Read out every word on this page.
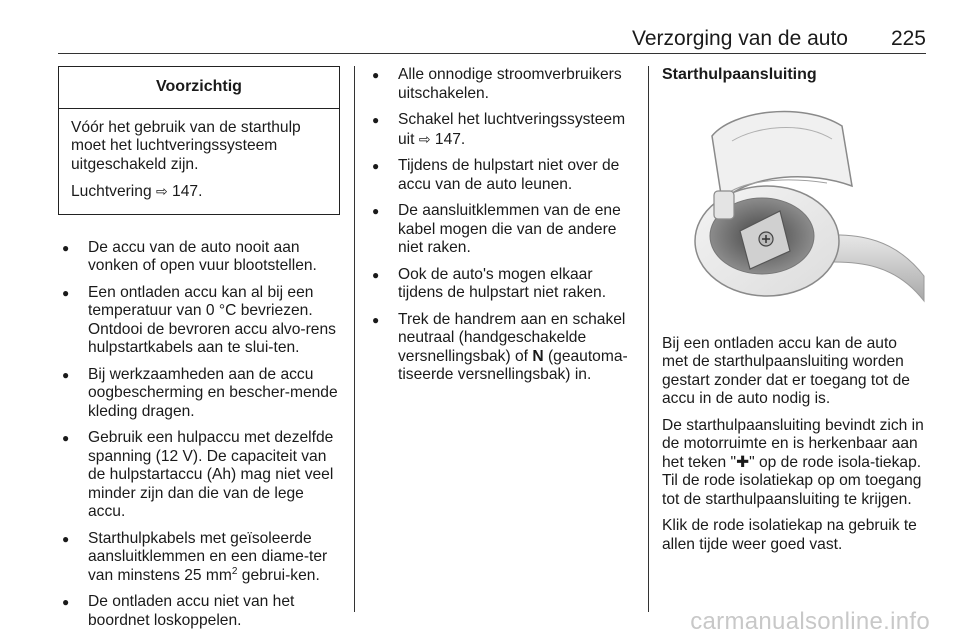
Verzorging van de auto 225
Voorzichtig

Vóór het gebruik van de starthulp moet het luchtveringssysteem uitgeschakeld zijn.

Luchtvering ⇨ 147.

● De accu van de auto nooit aan vonken of open vuur blootstellen.
● Een ontladen accu kan al bij een temperatuur van 0 °C bevriezen. Ontdooi de bevroren accu alvo-rens hulpstartkabels aan te slui-ten.
● Bij werkzaamheden aan de accu oogbescherming en bescher-mende kleding dragen.
● Gebruik een hulpaccu met dezelfde spanning (12 V). De capaciteit van de hulpstartaccu (Ah) mag niet veel minder zijn dan die van de lege accu.
● Starthulpkabels met geïsoleerde aansluitklemmen en een diame-ter van minstens 25 $mm^2$ gebrui-ken.
● De ontladen accu niet van het boordnet loskoppelen.
● Alle onnodige stroomverbruikers uitschakelen.
● Schakel het luchtveringssysteem uit ⇨ 147.
● Tijdens de hulpstart niet over de accu van de auto leunen.
● De aansluitklemmen van de ene kabel mogen die van de andere niet raken.
● Ook de auto's mogen elkaar tijdens de hulpstart niet raken.
● Trek de handrem aan en schakel neutraal (handgeschakelde versnellingsbak) of N (geautoma-tiseerde versnellingsbak) in.
Starthulpaansluiting

Bij een ontladen accu kan de auto met de starthulpaansluiting worden gestart zonder dat er toegang tot de accu in de auto nodig is.

De starthulpaansluiting bevindt zich in de motorruimte en is herkenbaar aan het teken "✚" op de rode isola-tiekap. Til de rode isolatiekap op om toegang tot de starthulpaansluiting te krijgen.

Klik de rode isolatiekap na gebruik te allen tijde weer goed vast.

carmanualsonline.info
